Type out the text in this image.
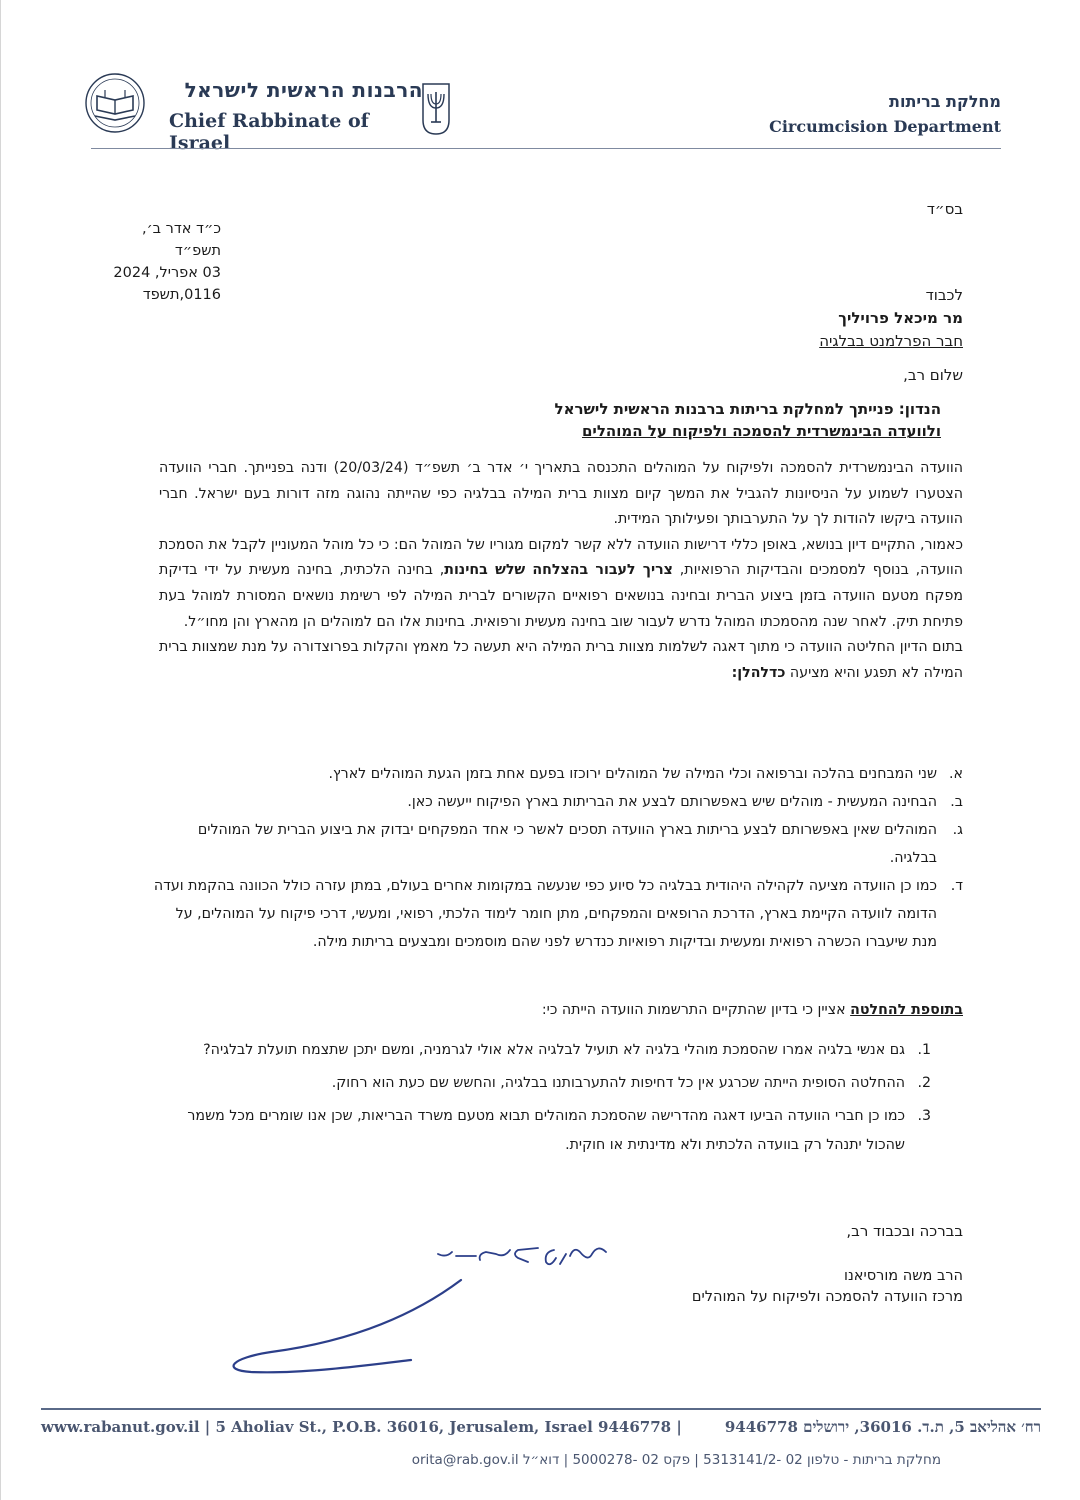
הרבנות הראשית לישראל
Chief Rabbinate of Israel
מחלקת בריתות
Circumcision Department
בס״ד
כ״ד אדר ב׳, תשפ״ד
03 אפריל, 2024
0116,תשפד	לכבוד
מר מיכאל פרויליך
חבר הפרלמנט בבלגיה
שלום רב,
הנדון: פנייתך למחלקת בריתות ברבנות הראשית לישראל
ולוועדה הבינמשרדית להסמכה ולפיקוח על המוהלים
הוועדה הבינמשרדית להסמכה ולפיקוח על המוהלים התכנסה בתאריך י׳ אדר ב׳ תשפ״ד (20/03/24) ודנה בפנייתך. חברי הוועדה הצטערו לשמוע על הניסיונות להגביל את המשך קיום מצוות ברית המילה בבלגיה כפי שהייתה נהוגה מזה דורות בעם ישראל. חברי הוועדה ביקשו להודות לך על התערבותך ופעילותך המידית.
כאמור, התקיים דיון בנושא, באופן כללי דרישות הוועדה ללא קשר למקום מגוריו של המוהל הם: כי כל מוהל המעוניין לקבל את הסמכת הוועדה, בנוסף למסמכים והבדיקות הרפואיות, צריך לעבור בהצלחה שלש בחינות, בחינה הלכתית, בחינה מעשית על ידי בדיקת מפקח מטעם הוועדה בזמן ביצוע הברית ובחינה בנושאים רפואיים הקשורים לברית המילה לפי רשימת נושאים המסורת למוהל בעת פתיחת תיק. לאחר שנה מהסמכתו המוהל נדרש לעבור שוב בחינה מעשית ורפואית. בחינות אלו הם למוהלים הן מהארץ והן מחו״ל.
בתום הדיון החליטה הוועדה כי מתוך דאגה לשלמות מצוות ברית המילה היא תעשה כל מאמץ והקלות בפרוצדורה על מנת שמצוות ברית המילה לא תפגע והיא מציעה כדלהלן:
א.
שני המבחנים בהלכה וברפואה וכלי המילה של המוהלים ירוכזו בפעם אחת בזמן הגעת המוהלים לארץ.
ב.
הבחינה המעשית - מוהלים שיש באפשרותם לבצע את הבריתות בארץ הפיקוח ייעשה כאן.
ג.
המוהלים שאין באפשרותם לבצע בריתות בארץ הוועדה תסכים לאשר כי אחד המפקחים יבדוק את ביצוע הברית של המוהלים בבלגיה.
ד.
כמו כן הוועדה מציעה לקהילה היהודית בבלגיה כל סיוע כפי שנעשה במקומות אחרים בעולם, במתן עזרה כולל הכוונה בהקמת ועדה הדומה לוועדה הקיימת בארץ, הדרכת הרופאים והמפקחים, מתן חומר לימוד הלכתי, רפואי, ומעשי, דרכי פיקוח על המוהלים, על מנת שיעברו הכשרה רפואית ומעשית ובדיקות רפואיות כנדרש לפני שהם מוסמכים ומבצעים בריתות מילה.
בתוספת להחלטה אציין כי בדיון שהתקיים התרשמות הוועדה הייתה כי:
1.
גם אנשי בלגיה אמרו שהסמכת מוהלי בלגיה לא תועיל לבלגיה אלא אולי לגרמניה, ומשם יתכן שתצמח תועלת לבלגיה?
2.
ההחלטה הסופית הייתה שכרגע אין כל דחיפות להתערבותנו בבלגיה, והחשש שם כעת הוא רחוק.
3.
כמו כן חברי הוועדה הביעו דאגה מהדרישה שהסמכת המוהלים תבוא מטעם משרד הבריאות, שכן אנו שומרים מכל משמר שהכול יתנהל רק בוועדה הלכתית ולא מדינתית או חוקית.
בברכה ובכבוד רב,
הרב משה מורסיאנו
מרכז הוועדה להסמכה ולפיקוח על המוהלים
www.rabanut.gov.il | 5 Aholiav St., P.O.B. 36016, Jerusalem, Israel 9446778 |	רח׳ אהליאב 5, ת.ד. 36016, ירושלים 9446778
מחלקת בריתות - טלפון 02 -5313141/2 | פקס 02 -5000278 | דוא״ל orita@rab.gov.il
